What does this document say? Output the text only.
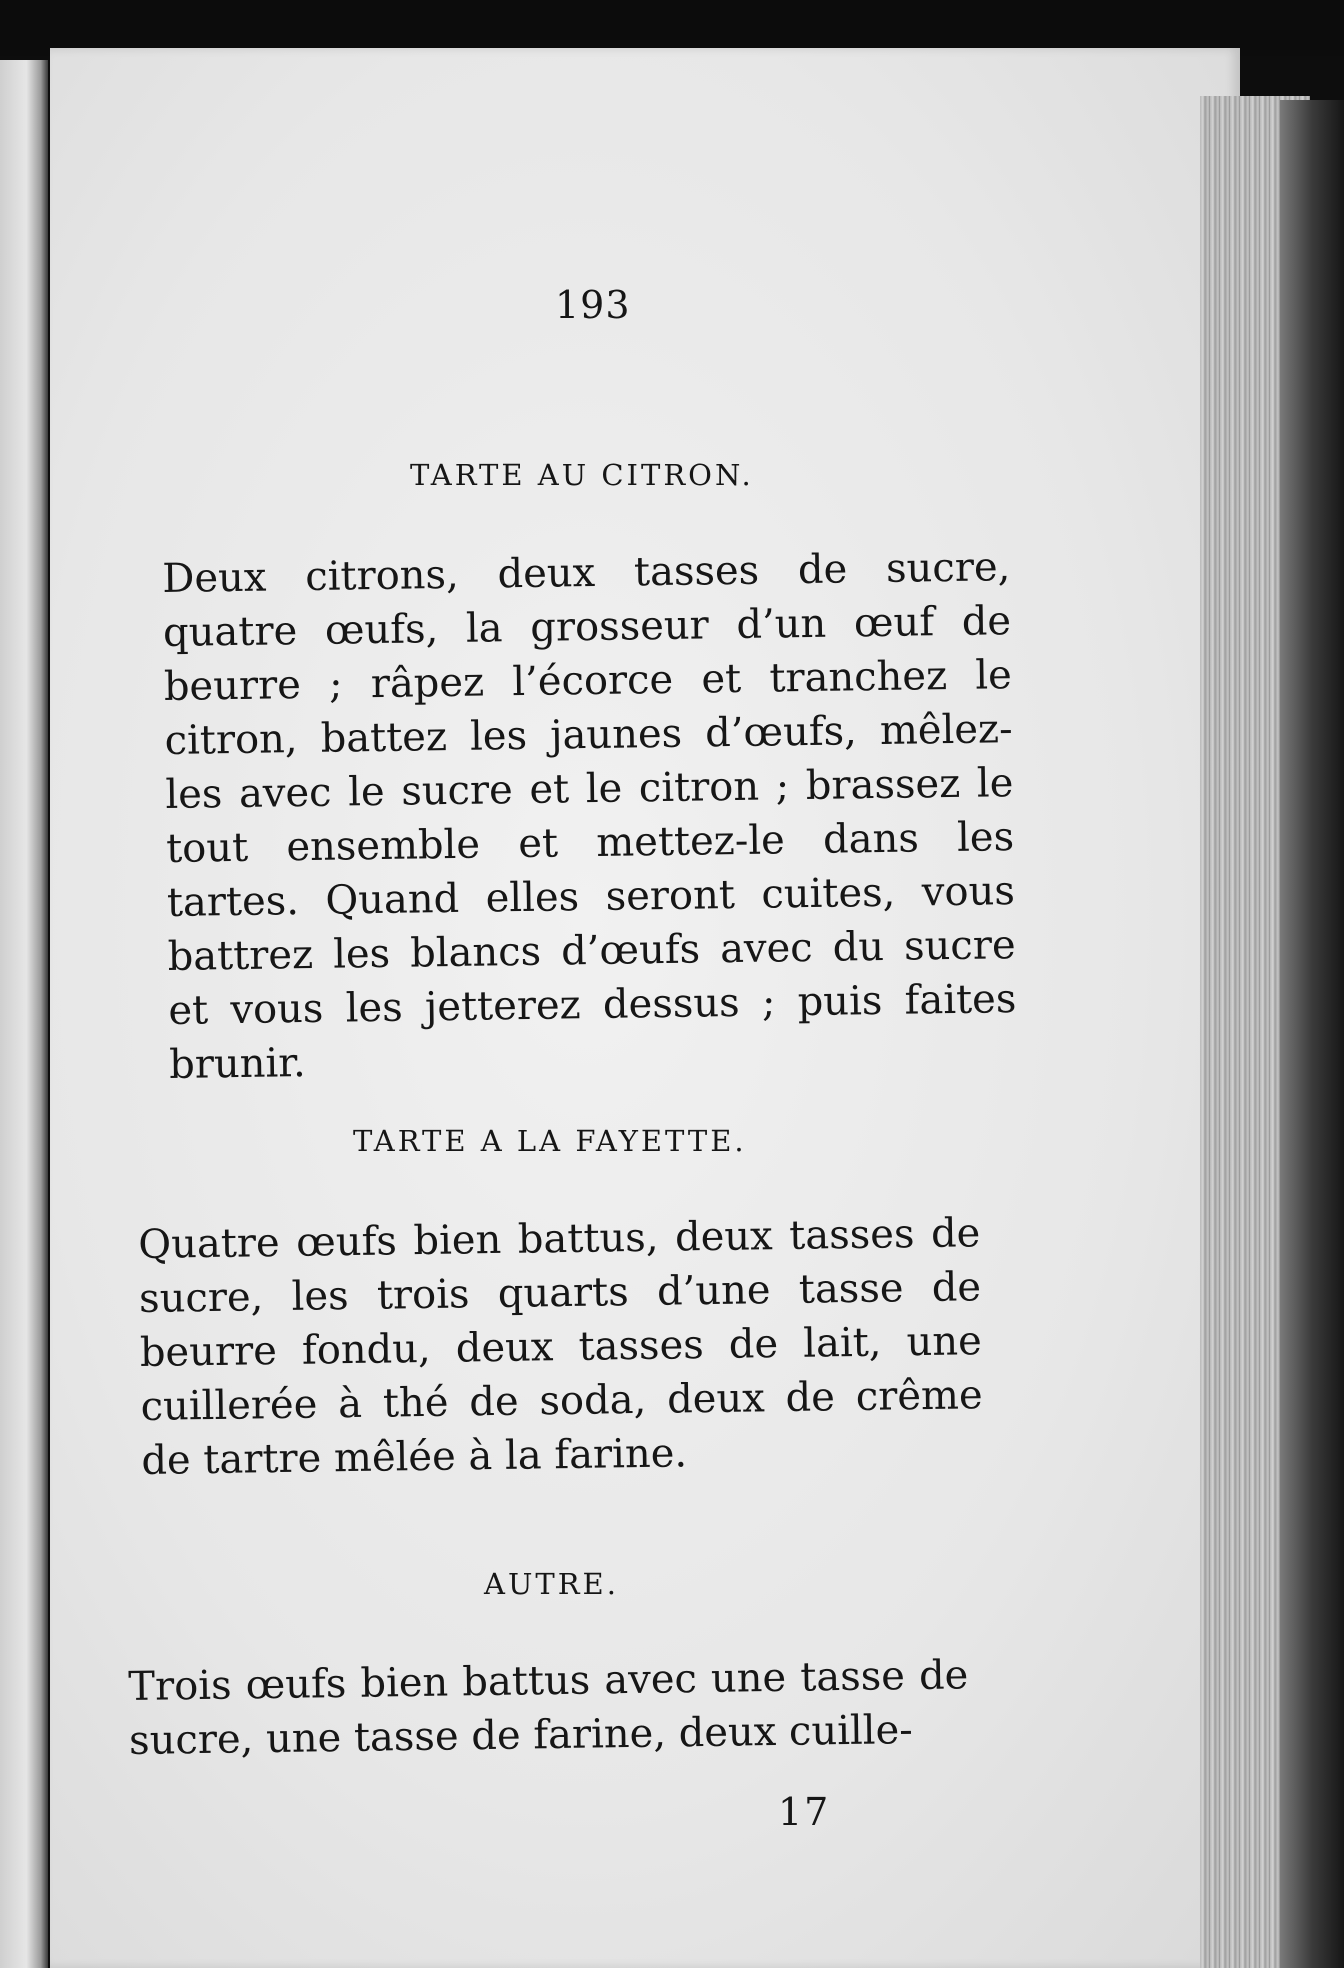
193
TARTE AU CITRON.
Deux citrons, deux tasses de sucre, quatre œufs, la grosseur d’un œuf de beurre ; râpez l’écorce et tranchez le citron, battez les jaunes d’œufs, mêlez-les avec le sucre et le citron ; brassez le tout ensemble et mettez-le dans les tartes. Quand elles seront cuites, vous battrez les blancs d’œufs avec du sucre et vous les jetterez dessus ; puis faites brunir.
TARTE A LA FAYETTE.
Quatre œufs bien battus, deux tasses de sucre, les trois quarts d’une tasse de beurre fondu, deux tasses de lait, une cuillerée à thé de soda, deux de crême de tartre mêlée à la farine.
AUTRE.
Trois œufs bien battus avec une tasse de sucre, une tasse de farine, deux cuille-
17
